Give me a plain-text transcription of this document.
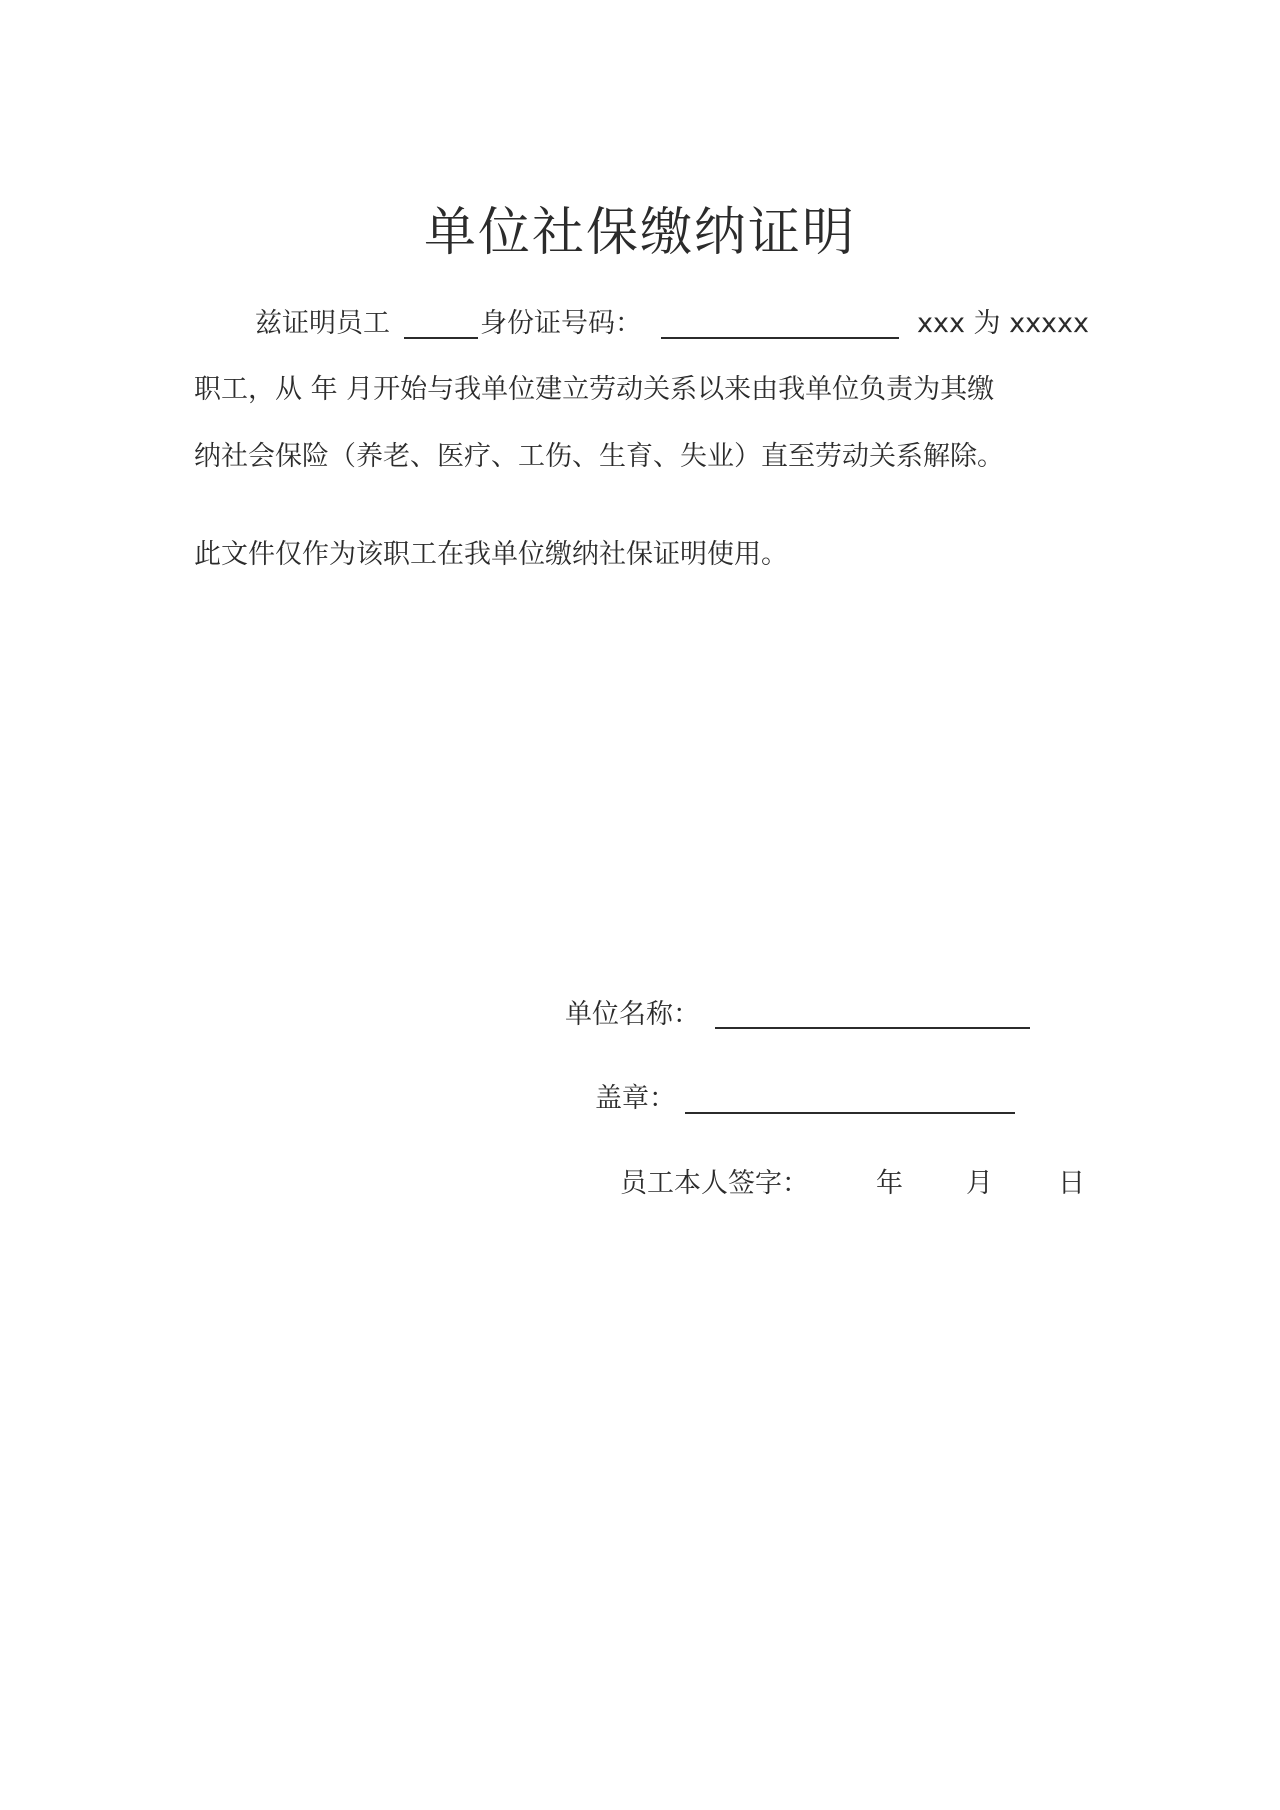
单位社保缴纳证明
兹证明员工	身份证号码：	xxx 为 xxxxx
职工，从 年 月开始与我单位建立劳动关系以来由我单位负责为其缴
纳社会保险（养老、医疗、工伤、生育、失业）直至劳动关系解除。
此文件仅作为该职工在我单位缴纳社保证明使用。
单位名称：
盖章：
员工本人签字： 年 月 日
